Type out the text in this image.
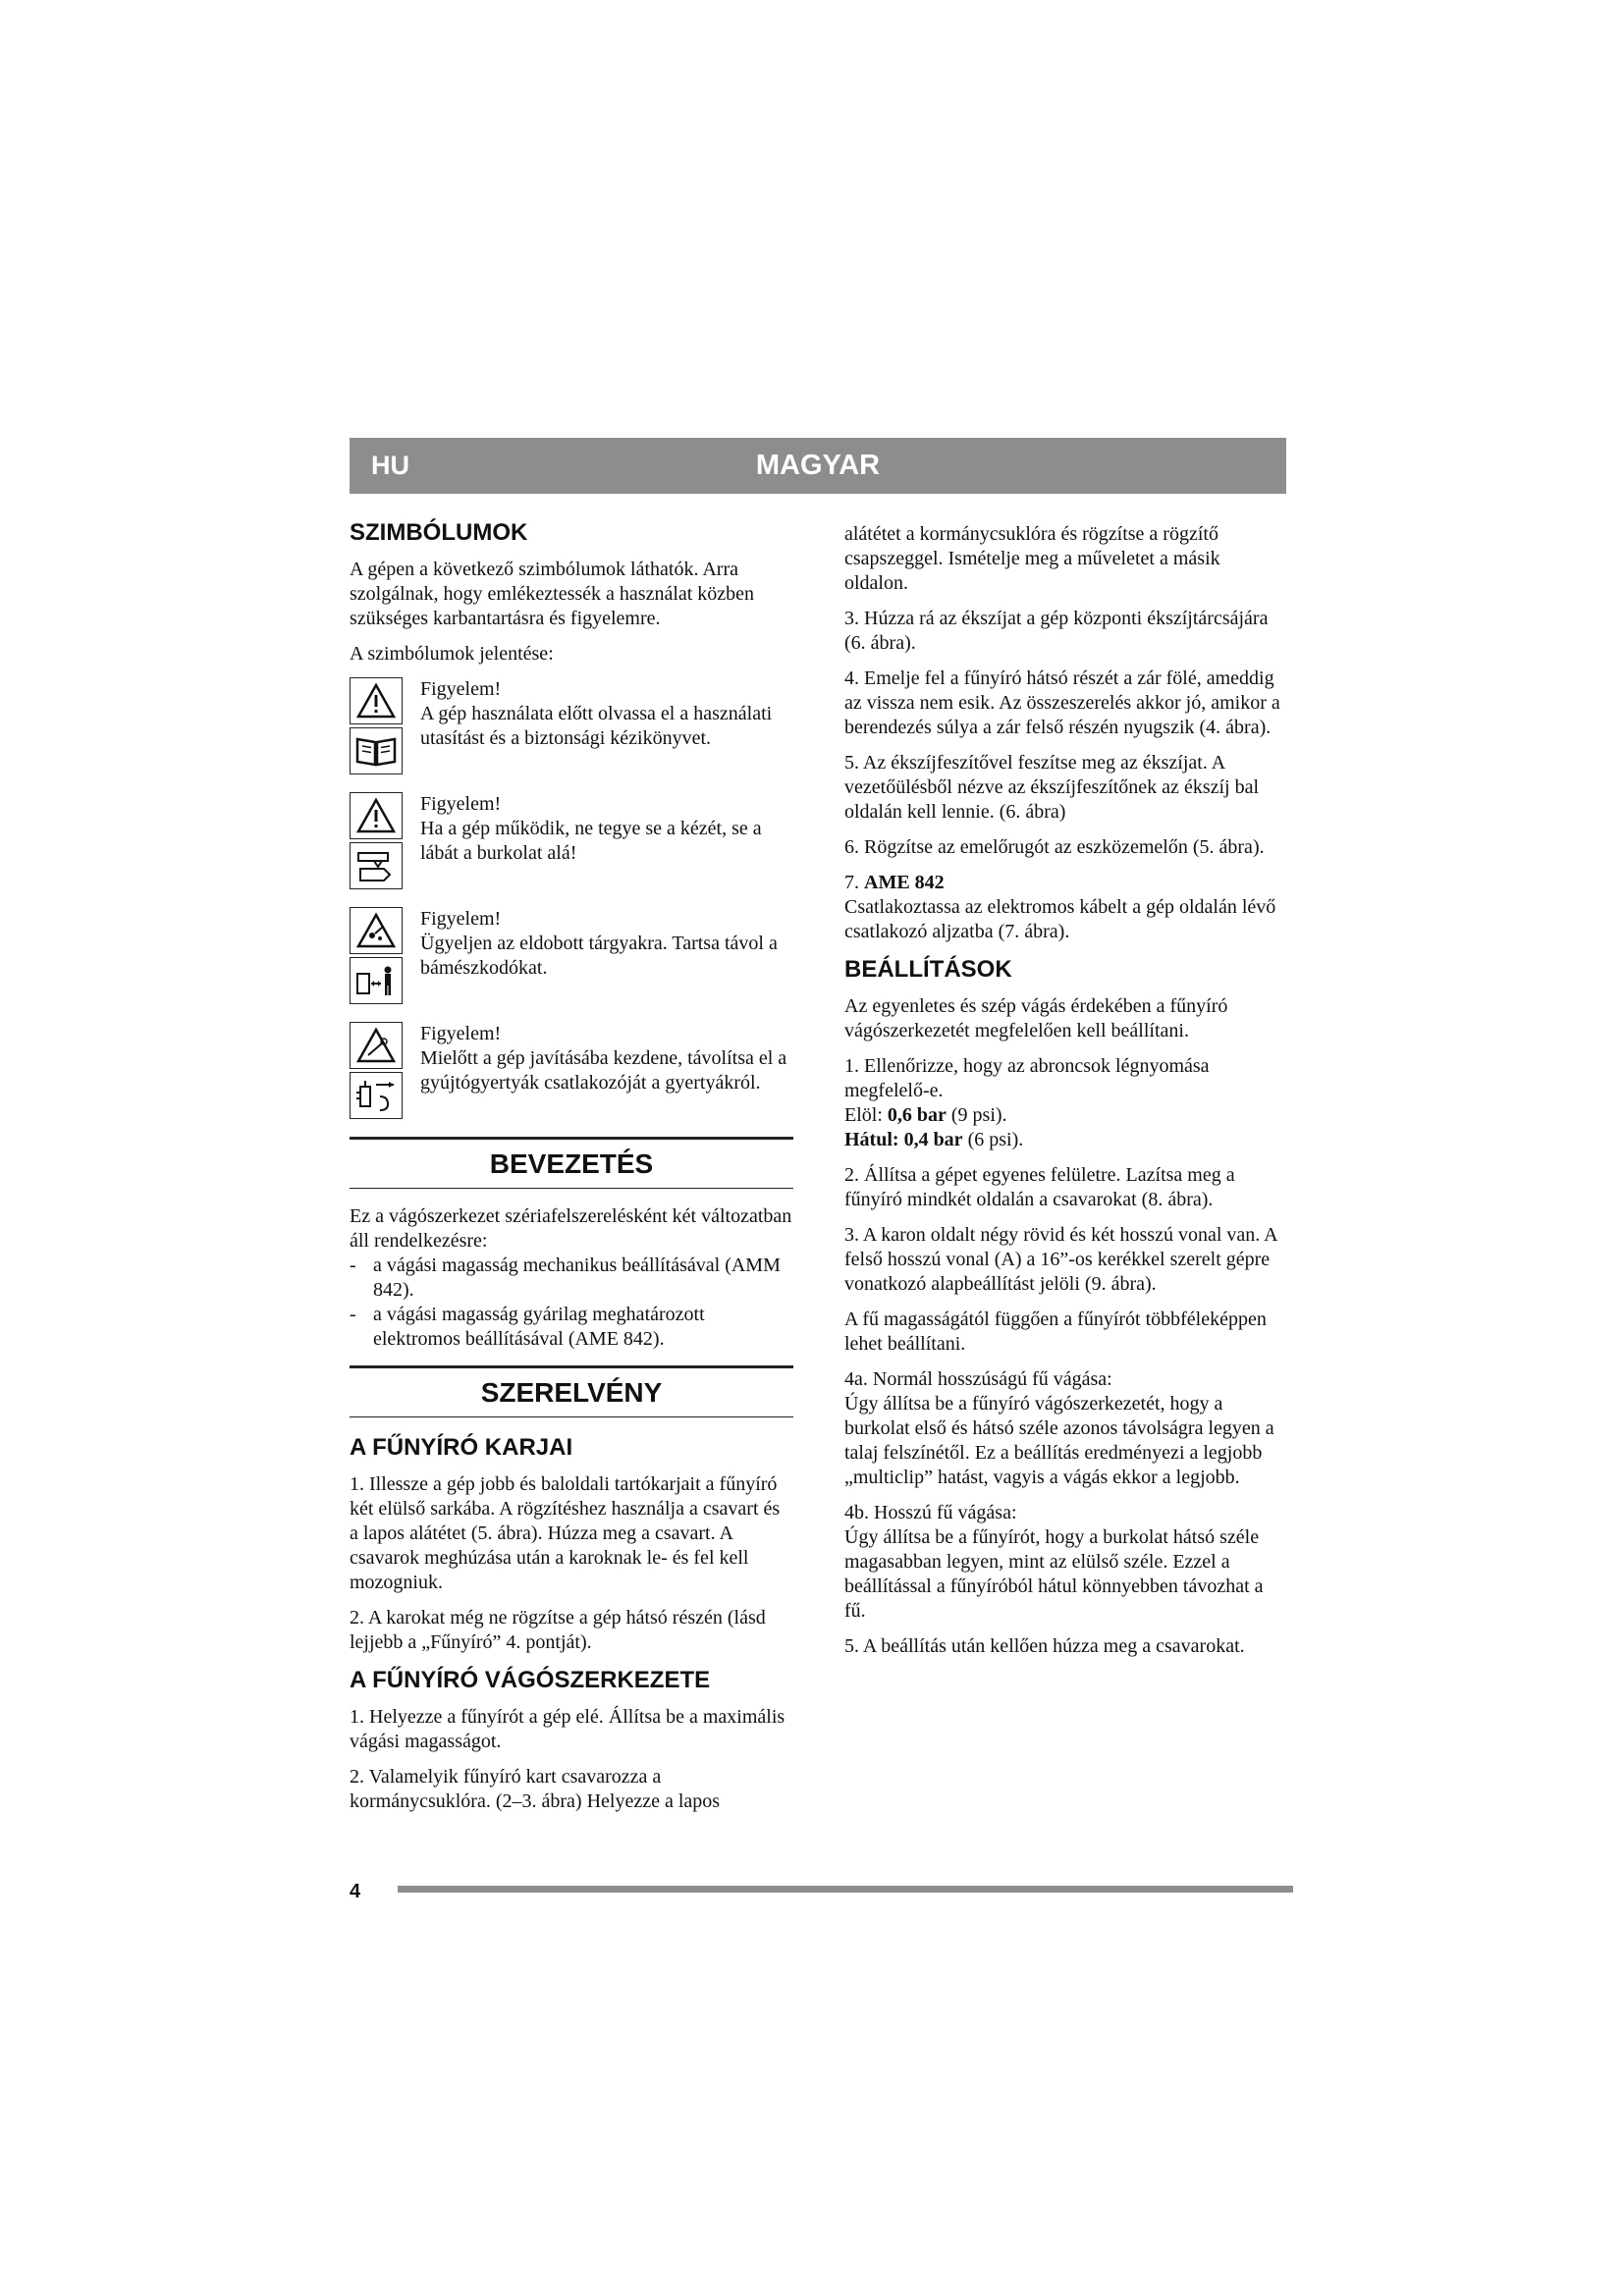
HU	MAGYAR
SZIMBÓLUMOK

A gépen a következő szimbólumok láthatók. Arra szolgálnak, hogy emlékeztessék a használat közben szükséges karbantartásra és figyelemre.

A szimbólumok jelentése:

Figyelem!
A gép használata előtt olvassa el a használati utasítást és a biztonsági kézikönyvet.
Figyelem!
Ha a gép működik, ne tegye se a kézét, se a lábát a burkolat alá!
Figyelem!
Ügyeljen az eldobott tárgyakra. Tartsa távol a bámészkodókat.
Figyelem!
Mielőtt a gép javításába kezdene, távolítsa el a gyújtógyertyák csatlakozóját a gyertyákról.
BEVEZETÉS

Ez a vágószerkezet szériafelszerelésként két változatban áll rendelkezésre:

- a vágási magasság mechanikus beállításával (AMM 842).
- a vágási magasság gyárilag meghatározott elektromos beállításával (AME 842).
SZERELVÉNY
A FŰNYÍRÓ KARJAI

1. Illessze a gép jobb és baloldali tartókarjait a fűnyíró két elülső sarkába. A rögzítéshez használja a csavart és a lapos alátétet (5. ábra). Húzza meg a csavart. A csavarok meghúzása után a karoknak le- és fel kell mozogniuk.

2. A karokat még ne rögzítse a gép hátsó részén (lásd lejjebb a „Fűnyíró” 4. pontját).

A FŰNYÍRÓ VÁGÓSZERKEZETE

1. Helyezze a fűnyírót a gép elé. Állítsa be a maximális vágási magasságot.

2. Valamelyik fűnyíró kart csavarozza a kormánycsuklóra. (2–3. ábra) Helyezze a lapos

alátétet a kormánycsuklóra és rögzítse a rögzítő csapszeggel. Ismételje meg a műveletet a másik oldalon.

3. Húzza rá az ékszíjat a gép központi ékszíjtárcsájára (6. ábra).

4. Emelje fel a fűnyíró hátsó részét a zár fölé, ameddig az vissza nem esik. Az összeszerelés akkor jó, amikor a berendezés súlya a zár felső részén nyugszik (4. ábra).

5. Az ékszíjfeszítővel feszítse meg az ékszíjat. A vezetőülésből nézve az ékszíjfeszítőnek az ékszíj bal oldalán kell lennie. (6. ábra)

6. Rögzítse az emelőrugót az eszközemelőn (5. ábra).

7. AME 842
Csatlakoztassa az elektromos kábelt a gép oldalán lévő csatlakozó aljzatba (7. ábra).

BEÁLLÍTÁSOK

Az egyenletes és szép vágás érdekében a fűnyíró vágószerkezetét megfelelően kell beállítani.

1. Ellenőrizze, hogy az abroncsok légnyomása megfelelő-e.
Elöl: 0,6 bar (9 psi).
Hátul: 0,4 bar (6 psi).

2. Állítsa a gépet egyenes felületre. Lazítsa meg a fűnyíró mindkét oldalán a csavarokat (8. ábra).

3. A karon oldalt négy rövid és két hosszú vonal van. A felső hosszú vonal (A) a 16”-os kerékkel szerelt gépre vonatkozó alapbeállítást jelöli (9. ábra).

A fű magasságától függően a fűnyírót többféleképpen lehet beállítani.

4a. Normál hosszúságú fű vágása:
Úgy állítsa be a fűnyíró vágószerkezetét, hogy a burkolat első és hátsó széle azonos távolságra legyen a talaj felszínétől. Ez a beállítás eredményezi a legjobb „multiclip” hatást, vagyis a vágás ekkor a legjobb.

4b. Hosszú fű vágása:
Úgy állítsa be a fűnyírót, hogy a burkolat hátsó széle magasabban legyen, mint az elülső széle. Ezzel a beállítással a fűnyíróból hátul könnyebben távozhat a fű.

5. A beállítás után kellően húzza meg a csavarokat.

4
